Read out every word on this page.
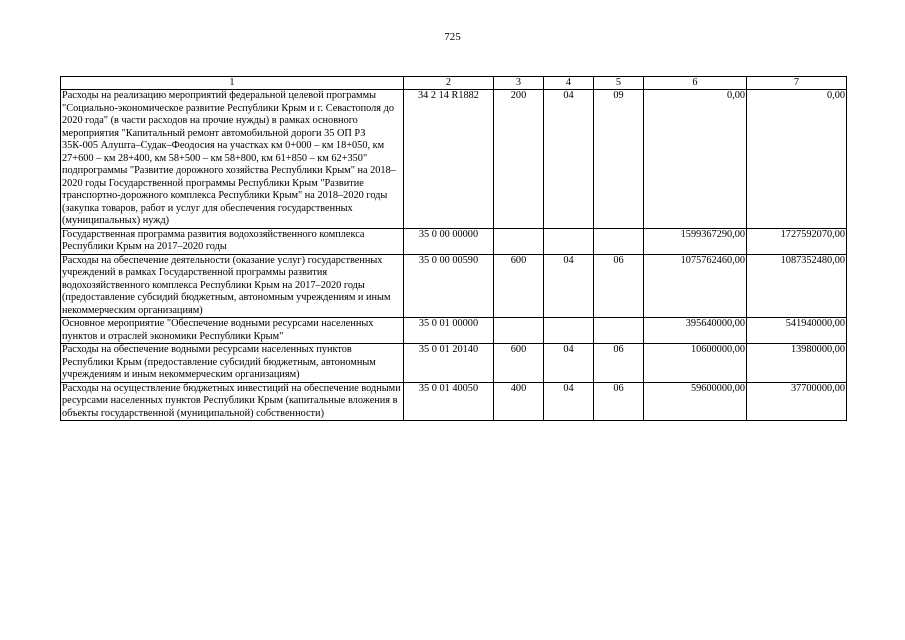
725
1	2	3	4	5	6	7
Расходы на реализацию мероприятий федеральной целевой программы "Социально-экономическое развитие Республики Крым и г. Севастополя до 2020 года" (в части расходов на прочие нужды) в рамках основного мероприятия "Капитальный ремонт автомобильной дороги 35 ОП РЗ 35К-005 Алушта–Судак–Феодосия на участках км 0+000 – км 18+050, км 27+600 – км 28+400, км 58+500 – км 58+800, км 61+850 – км 62+350" подпрограммы "Развитие дорожного хозяйства Республики Крым" на 2018–2020 годы Государственной программы Республики Крым "Развитие транспортно-дорожного комплекса Республики Крым" на 2018–2020 годы (закупка товаров, работ и услуг для обеспечения государственных (муниципальных) нужд)	34 2 14 R1882	200	04	09	0,00	0,00
Государственная программа развития водохозяйственного комплекса Республики Крым на 2017–2020 годы	35 0 00 00000				1599367290,00	1727592070,00
Расходы на обеспечение деятельности (оказание услуг) государственных учреждений в рамках Государственной программы развития водохозяйственного комплекса Республики Крым на 2017–2020 годы (предоставление субсидий бюджетным, автономным учреждениям и иным некоммерческим организациям)	35 0 00 00590	600	04	06	1075762460,00	1087352480,00
Основное мероприятие "Обеспечение водными ресурсами населенных пунктов и отраслей экономики Республики Крым"	35 0 01 00000				395640000,00	541940000,00
Расходы на обеспечение водными ресурсами населенных пунктов Республики Крым (предоставление субсидий бюджетным, автономным учреждениям и иным некоммерческим организациям)	35 0 01 20140	600	04	06	10600000,00	13980000,00
Расходы на осуществление бюджетных инвестиций на обеспечение водными ресурсами населенных пунктов Республики Крым (капитальные вложения в объекты государственной (муниципальной) собственности)	35 0 01 40050	400	04	06	59600000,00	37700000,00
